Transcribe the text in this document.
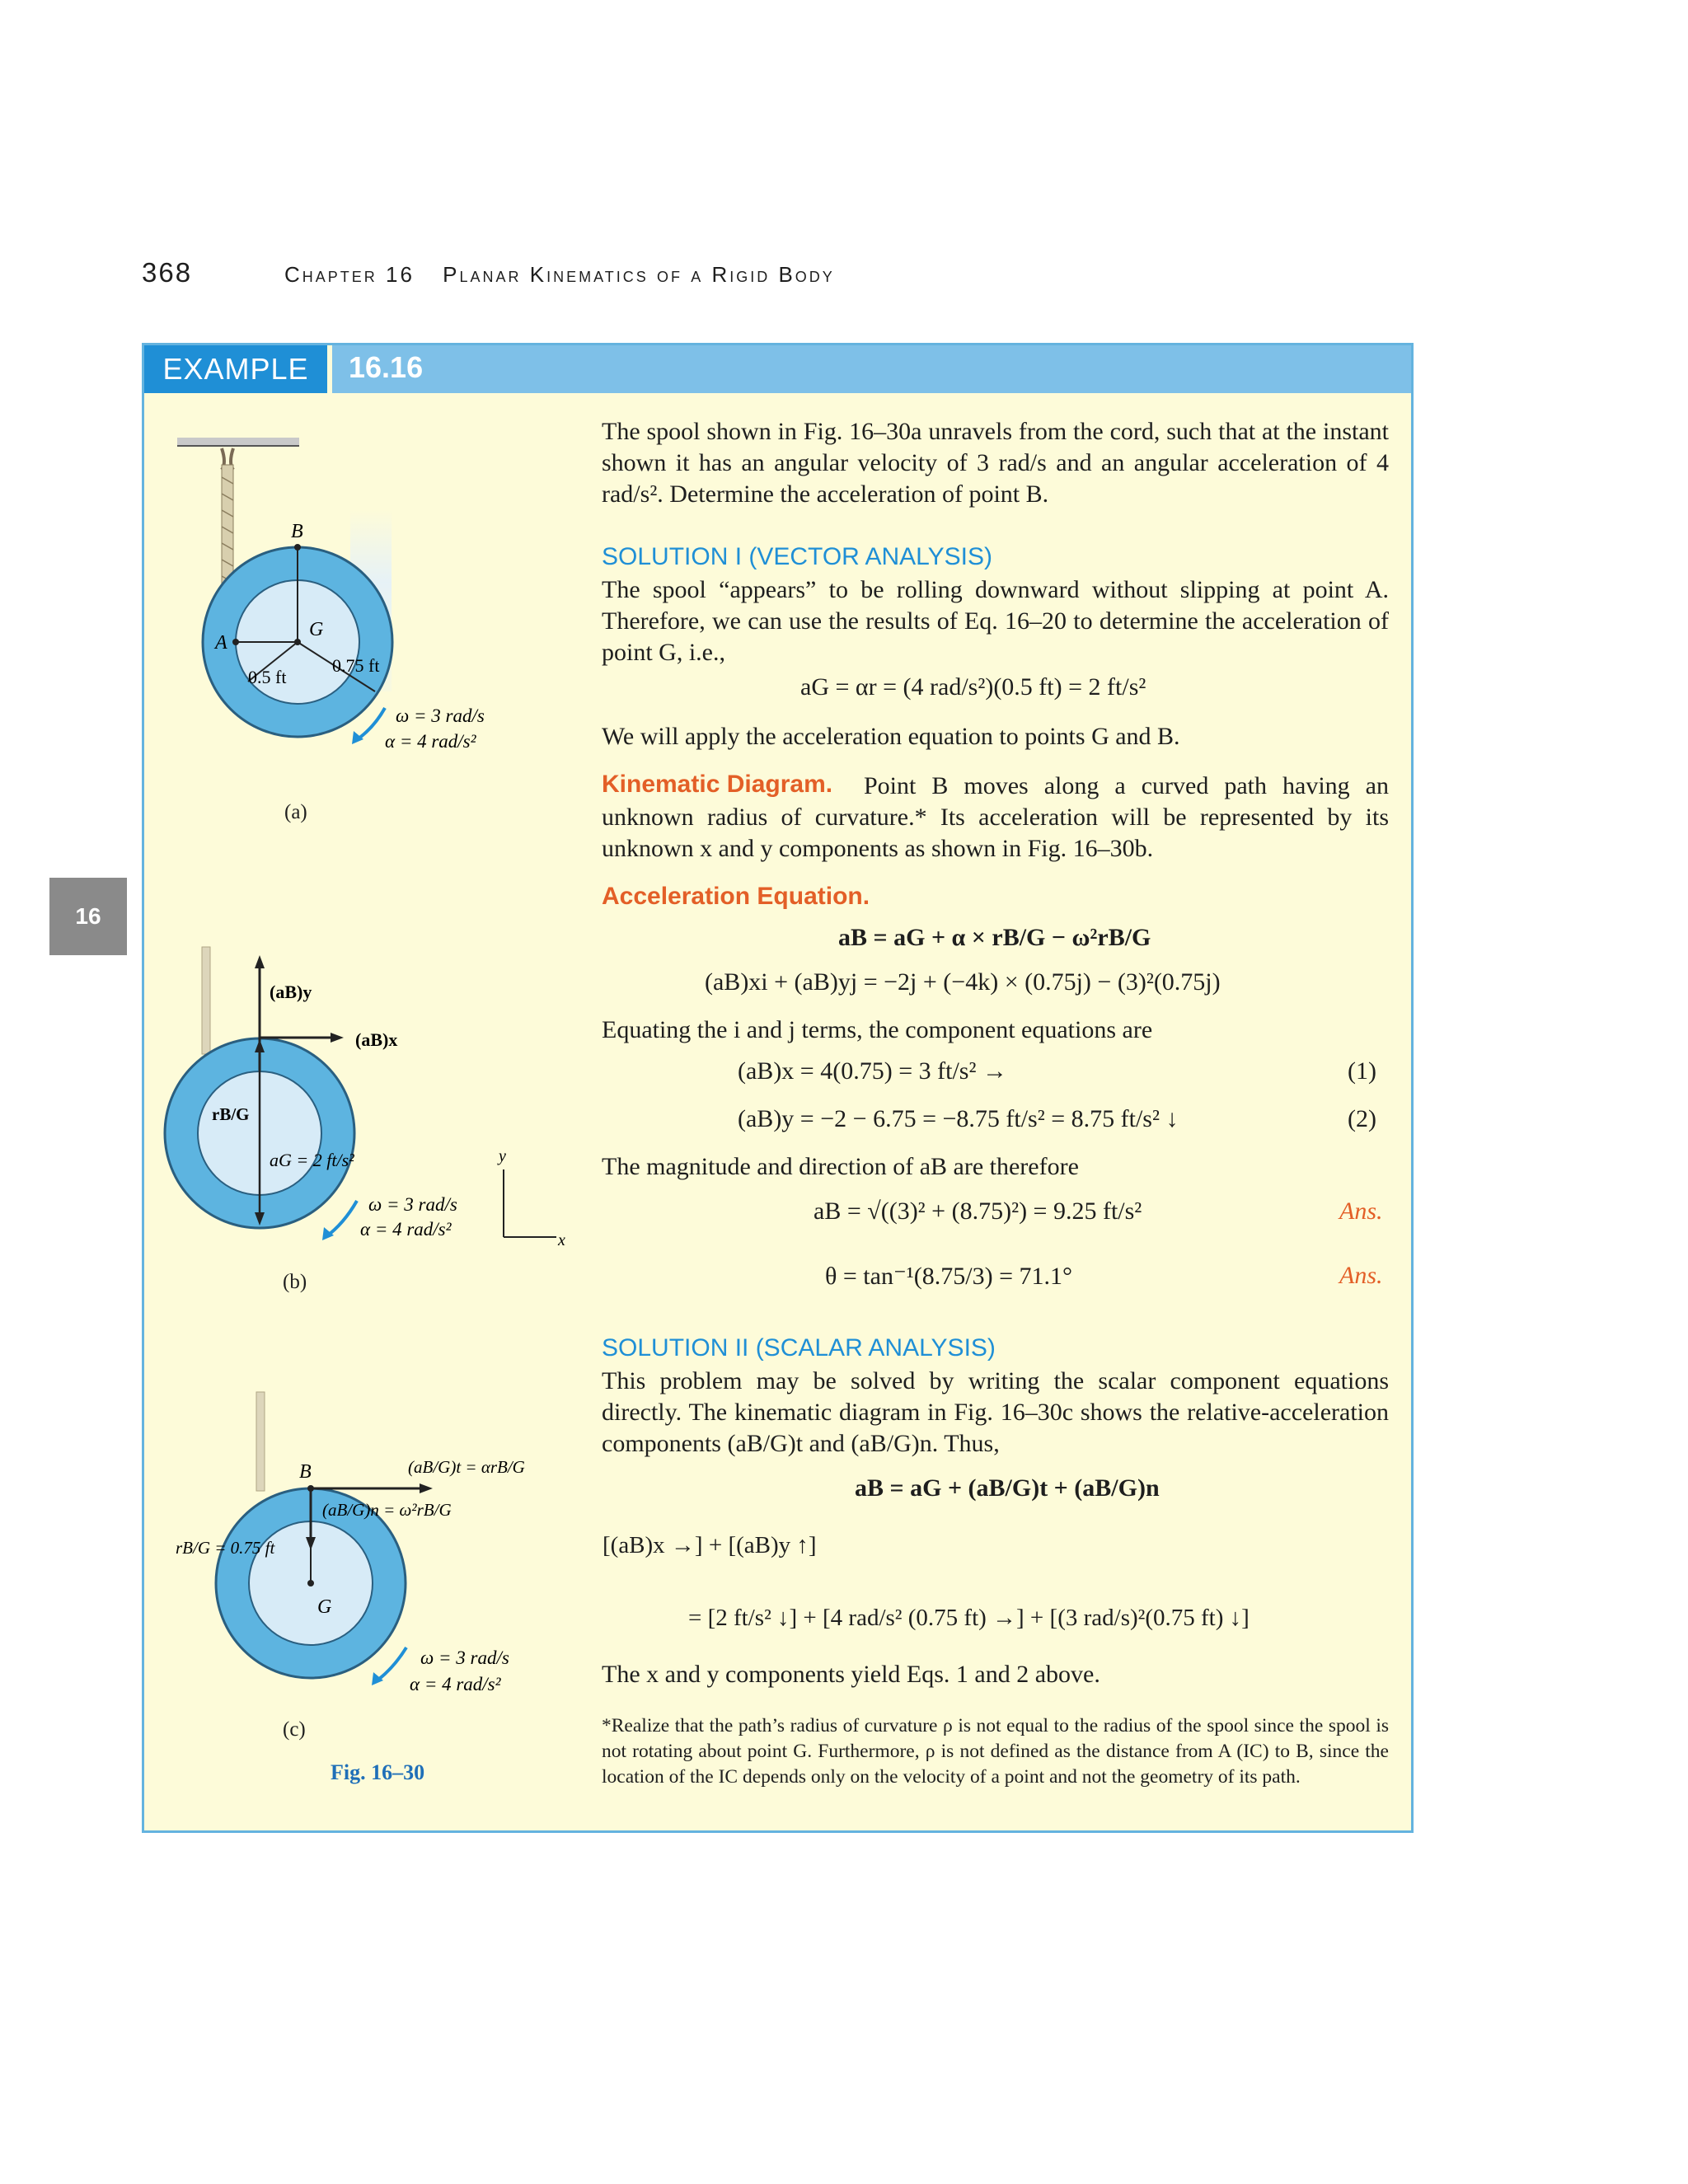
368	Chapter 16 Planar Kinematics of a Rigid Body
16
EXAMPLE	16.16
B
A
G
0.5 ft
0.75 ft
ω = 3 rad/s
α = 4 rad/s²
(a)
(aB)y
(aB)x
rB/G
aG = 2 ft/s²
ω = 3 rad/s
α = 4 rad/s²
y
x
(b)
B
G
(aB/G)t = αrB/G
(aB/G)n = ω²rB/G
rB/G = 0.75 ft
ω = 3 rad/s
α = 4 rad/s²
(c)
Fig. 16–30
The spool shown in Fig. 16–30a unravels from the cord, such that at the instant shown it has an angular velocity of 3 rad/s and an angular acceleration of 4 rad/s². Determine the acceleration of point B.
SOLUTION I (VECTOR ANALYSIS)
The spool “appears” to be rolling downward without slipping at point A. Therefore, we can use the results of Eq. 16–20 to determine the acceleration of point G, i.e.,
aG = αr = (4 rad/s²)(0.5 ft) = 2 ft/s²
We will apply the acceleration equation to points G and B.
Kinematic Diagram.	Point B moves along a curved path having an unknown radius of curvature.* Its acceleration will be represented by its unknown x and y components as shown in Fig. 16–30b.
Acceleration Equation.
aB = aG + α × rB/G − ω²rB/G
(aB)xi + (aB)yj = −2j + (−4k) × (0.75j) − (3)²(0.75j)
Equating the i and j terms, the component equations are
(aB)x = 4(0.75) = 3 ft/s² →	(1)
(aB)y = −2 − 6.75 = −8.75 ft/s² = 8.75 ft/s² ↓	(2)
The magnitude and direction of aB are therefore
aB = √((3)² + (8.75)²) = 9.25 ft/s²	Ans.
θ = tan⁻¹(8.75/3) = 71.1°	Ans.
SOLUTION II (SCALAR ANALYSIS)
This problem may be solved by writing the scalar component equations directly. The kinematic diagram in Fig. 16–30c shows the relative-acceleration components (aB/G)t and (aB/G)n. Thus,
aB = aG + (aB/G)t + (aB/G)n
[(aB)x →] + [(aB)y ↑]
= [2 ft/s² ↓] + [4 rad/s² (0.75 ft) →] + [(3 rad/s)²(0.75 ft) ↓]
The x and y components yield Eqs. 1 and 2 above.
*Realize that the path’s radius of curvature ρ is not equal to the radius of the spool since the spool is not rotating about point G. Furthermore, ρ is not defined as the distance from A (IC) to B, since the location of the IC depends only on the velocity of a point and not the geometry of its path.
